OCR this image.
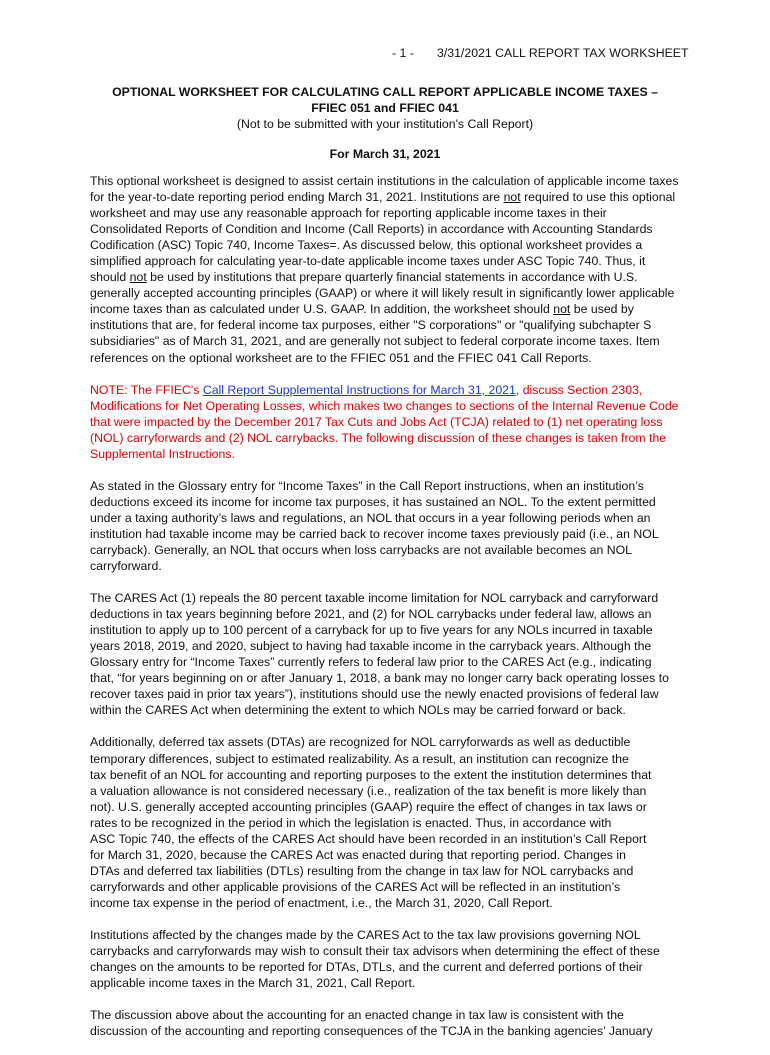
- 1 - 3/31/2021 CALL REPORT TAX WORKSHEET
OPTIONAL WORKSHEET FOR CALCULATING CALL REPORT APPLICABLE INCOME TAXES –
FFIEC 051 and FFIEC 041
(Not to be submitted with your institution's Call Report)
For March 31, 2021

This optional worksheet is designed to assist certain institutions in the calculation of applicable income taxes
for the year-to-date reporting period ending March 31, 2021. Institutions are not required to use this optional
worksheet and may use any reasonable approach for reporting applicable income taxes in their
Consolidated Reports of Condition and Income (Call Reports) in accordance with Accounting Standards
Codification (ASC) Topic 740, Income Taxes=. As discussed below, this optional worksheet provides a
simplified approach for calculating year-to-date applicable income taxes under ASC Topic 740. Thus, it
should not be used by institutions that prepare quarterly financial statements in accordance with U.S.
generally accepted accounting principles (GAAP) or where it will likely result in significantly lower applicable
income taxes than as calculated under U.S. GAAP. In addition, the worksheet should not be used by
institutions that are, for federal income tax purposes, either "S corporations" or "qualifying subchapter S
subsidiaries" as of March 31, 2021, and are generally not subject to federal corporate income taxes. Item
references on the optional worksheet are to the FFIEC 051 and the FFIEC 041 Call Reports.

NOTE: The FFIEC's Call Report Supplemental Instructions for March 31, 2021, discuss Section 2303,
Modifications for Net Operating Losses, which makes two changes to sections of the Internal Revenue Code
that were impacted by the December 2017 Tax Cuts and Jobs Act (TCJA) related to (1) net operating loss
(NOL) carryforwards and (2) NOL carrybacks. The following discussion of these changes is taken from the
Supplemental Instructions.

As stated in the Glossary entry for “Income Taxes” in the Call Report instructions, when an institution’s
deductions exceed its income for income tax purposes, it has sustained an NOL. To the extent permitted
under a taxing authority’s laws and regulations, an NOL that occurs in a year following periods when an
institution had taxable income may be carried back to recover income taxes previously paid (i.e., an NOL
carryback). Generally, an NOL that occurs when loss carrybacks are not available becomes an NOL
carryforward.

The CARES Act (1) repeals the 80 percent taxable income limitation for NOL carryback and carryforward
deductions in tax years beginning before 2021, and (2) for NOL carrybacks under federal law, allows an
institution to apply up to 100 percent of a carryback for up to five years for any NOLs incurred in taxable
years 2018, 2019, and 2020, subject to having had taxable income in the carryback years. Although the
Glossary entry for “Income Taxes” currently refers to federal law prior to the CARES Act (e.g., indicating
that, “for years beginning on or after January 1, 2018, a bank may no longer carry back operating losses to
recover taxes paid in prior tax years”), institutions should use the newly enacted provisions of federal law
within the CARES Act when determining the extent to which NOLs may be carried forward or back.

Additionally, deferred tax assets (DTAs) are recognized for NOL carryforwards as well as deductible
temporary differences, subject to estimated realizability. As a result, an institution can recognize the
tax benefit of an NOL for accounting and reporting purposes to the extent the institution determines that
a valuation allowance is not considered necessary (i.e., realization of the tax benefit is more likely than
not). U.S. generally accepted accounting principles (GAAP) require the effect of changes in tax laws or
rates to be recognized in the period in which the legislation is enacted. Thus, in accordance with
ASC Topic 740, the effects of the CARES Act should have been recorded in an institution’s Call Report
for March 31, 2020, because the CARES Act was enacted during that reporting period. Changes in
DTAs and deferred tax liabilities (DTLs) resulting from the change in tax law for NOL carrybacks and
carryforwards and other applicable provisions of the CARES Act will be reflected in an institution’s
income tax expense in the period of enactment, i.e., the March 31, 2020, Call Report.

Institutions affected by the changes made by the CARES Act to the tax law provisions governing NOL
carrybacks and carryforwards may wish to consult their tax advisors when determining the effect of these
changes on the amounts to be reported for DTAs, DTLs, and the current and deferred portions of their
applicable income taxes in the March 31, 2021, Call Report.

The discussion above about the accounting for an enacted change in tax law is consistent with the
discussion of the accounting and reporting consequences of the TCJA in the banking agencies’ January
